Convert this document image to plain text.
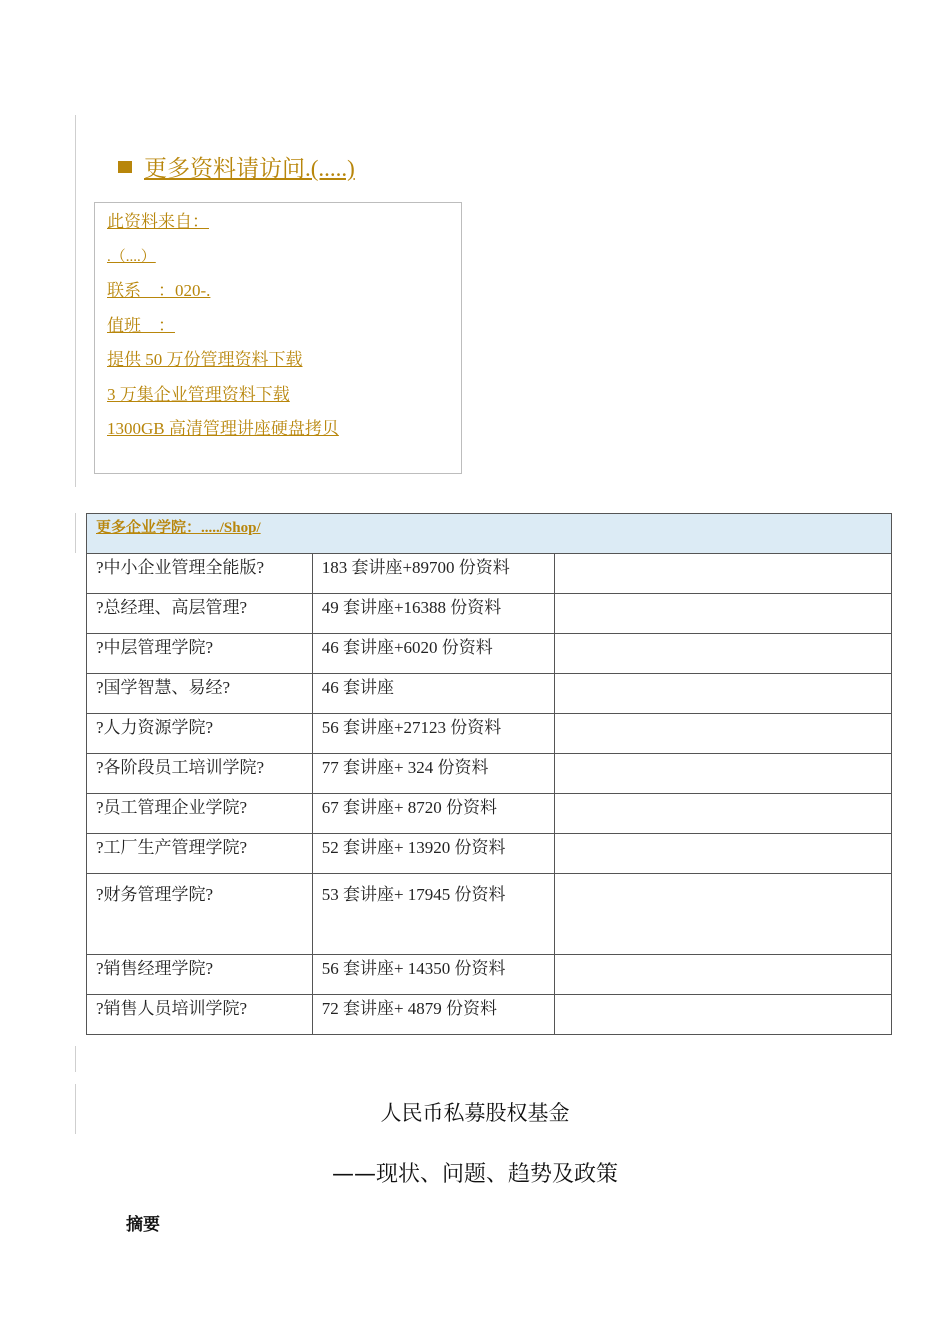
更多资料请访问.(.....)
此资料来自：
.（....）
联系    ：020-.
值班    ：
提供 50 万份管理资料下载
3 万集企业管理资料下载
1300GB 高清管理讲座硬盘拷贝
更多企业学院：...../Shop/		
?中小企业管理全能版?	183 套讲座+89700 份资料	
?总经理、高层管理?	49 套讲座+16388 份资料	
?中层管理学院?	46 套讲座+6020 份资料	
?国学智慧、易经?	46 套讲座	
?人力资源学院?	56 套讲座+27123 份资料	
?各阶段员工培训学院?	77 套讲座+ 324 份资料	
?员工管理企业学院?	67 套讲座+ 8720 份资料	
?工厂生产管理学院?	52 套讲座+ 13920 份资料	
?财务管理学院?	53 套讲座+ 17945 份资料	
?销售经理学院?	56 套讲座+ 14350 份资料	
?销售人员培训学院?	72 套讲座+ 4879 份资料	
人民币私募股权基金
——现状、问题、趋势及政策
摘要
